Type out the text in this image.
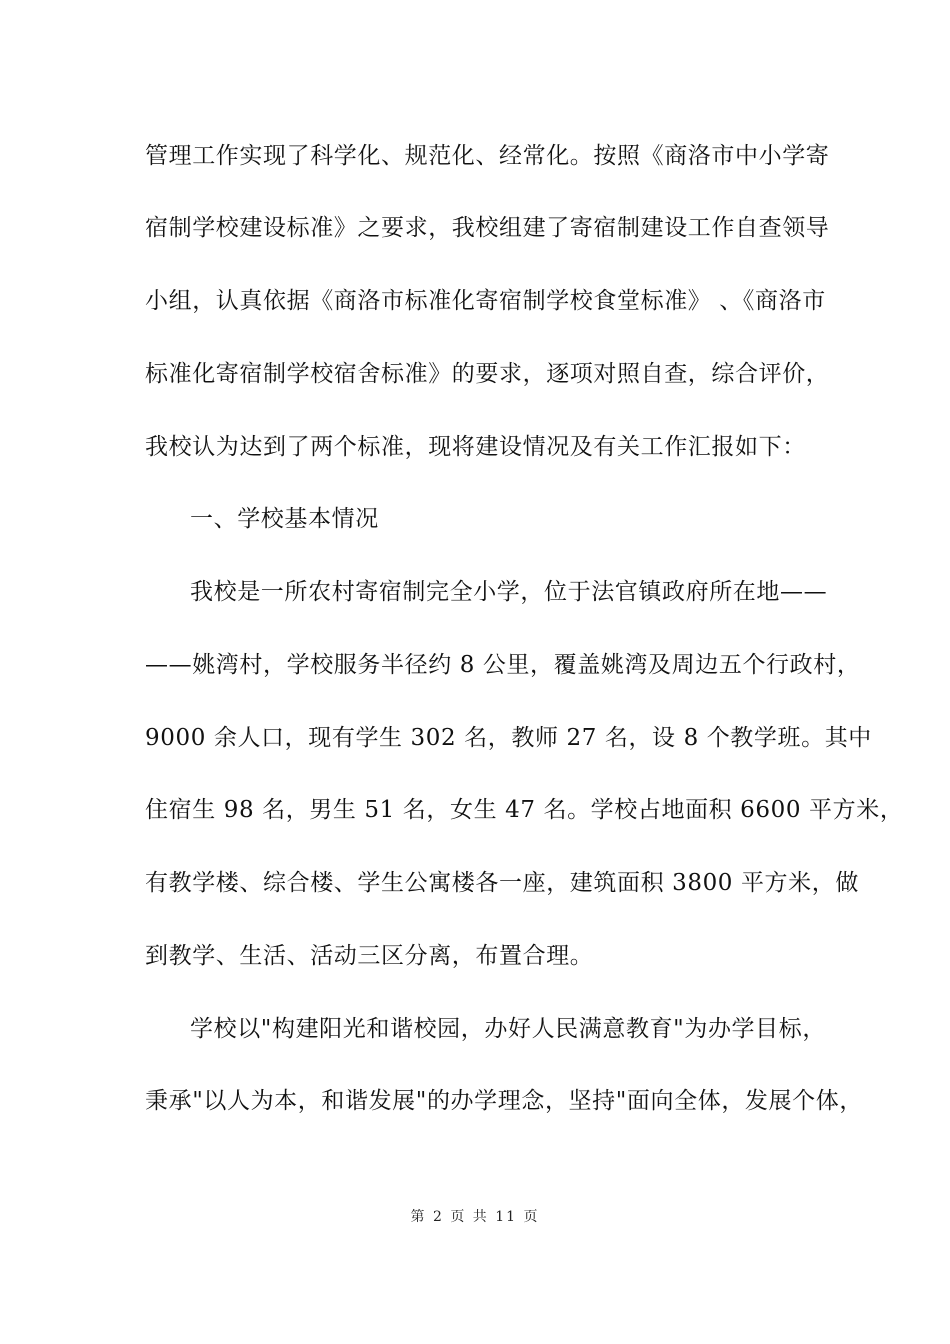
管理工作实现了科学化、规范化、经常化。按照《商洛市中小学寄
宿制学校建设标准》之要求，我校组建了寄宿制建设工作自查领导
小组，认真依据《商洛市标准化寄宿制学校食堂标准》 、《商洛市
标准化寄宿制学校宿舍标准》的要求，逐项对照自查，综合评价，
我校认为达到了两个标准，现将建设情况及有关工作汇报如下：
一、学校基本情况
我校是一所农村寄宿制完全小学，位于法官镇政府所在地——
——姚湾村，学校服务半径约 8 公里，覆盖姚湾及周边五个行政村，
9000 余人口，现有学生 302 名，教师 27 名，设 8 个教学班。其中
住宿生 98 名，男生 51 名，女生 47 名。学校占地面积 6600 平方米，
有教学楼、综合楼、学生公寓楼各一座，建筑面积 3800 平方米，做
到教学、生活、活动三区分离，布置合理。
学校以"构建阳光和谐校园，办好人民满意教育"为办学目标，
秉承"以人为本，和谐发展"的办学理念，坚持"面向全体，发展个体，
第 2 页 共 11 页
